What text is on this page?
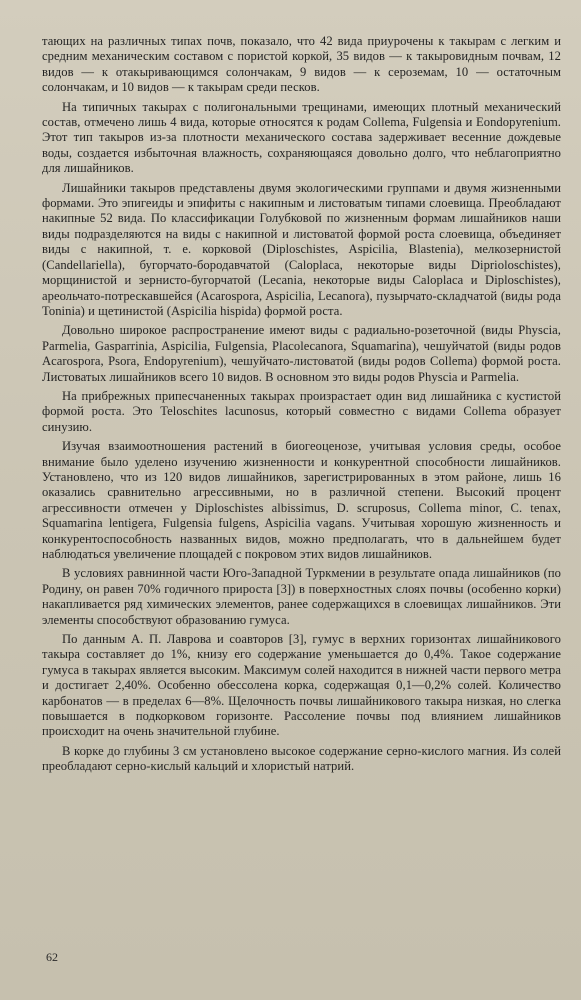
тающих на различных типах почв, показало, что 42 вида приурочены к такырам с легким и средним механическим составом с пористой коркой, 35 видов — к такыровидным почвам, 12 видов — к отакыривающимся солончакам, 9 видов — к сероземам, 10 — остаточным солончакам, и 10 видов — к такырам среди песков.

На типичных такырах с полигональными трещинами, имеющих плотный механический состав, отмечено лишь 4 вида, которые относятся к родам Collema, Fulgensia и Eondopyrenium. Этот тип такыров из-за плотности механического состава задерживает весенние дождевые воды, создается избыточная влажность, сохраняющаяся довольно долго, что неблагоприятно для лишайников.

Лишайники такыров представлены двумя экологическими группами и двумя жизненными формами. Это эпигеиды и эпифиты с накипным и листоватым типами слоевища. Преобладают накипные 52 вида. По классификации Голубковой по жизненным формам лишайников наши виды подразделяются на виды с накипной и листоватой формой роста слоевища, объединяет виды с накипной, т. е. корковой (Diploschistes, Aspicilia, Blastenia), мелкозернистой (Candellariella), бугорчато-бородавчатой (Caloplaca, некоторые виды Diprioloschistes), морщинистой и зернисто-бугорчатой (Lecania, некоторые виды Caloplaca и Diploschistes), ареольчато-потрескавшейся (Acarospora, Aspicilia, Lecanora), пузырчато-складчатой (виды рода Toninia) и щетинистой (Aspicilia hispida) формой роста.

Довольно широкое распространение имеют виды с радиально-розеточной (виды Physcia, Parmelia, Gasparrinia, Aspicilia, Fulgensia, Placolecanora, Squamarina), чешуйчатой (виды родов Acarospora, Psora, Endopyrenium), чешуйчато-листоватой (виды родов Collema) формой роста. Листоватых лишайников всего 10 видов. В основном это виды родов Physcia и Parmelia.

На прибрежных припесчаненных такырах произрастает один вид лишайника с кустистой формой роста. Это Teloschites lacunosus, который совместно с видами Collema образует синузию.

Изучая взаимоотношения растений в биогеоценозе, учитывая условия среды, особое внимание было уделено изучению жизненности и конкурентной способности лишайников. Установлено, что из 120 видов лишайников, зарегистрированных в этом районе, лишь 16 оказались сравнительно агрессивными, но в различной степени. Высокий процент агрессивности отмечен у Diploschistes albissimus, D. scruposus, Collema minor, C. tenax, Squamarina lentigera, Fulgensia fulgens, Aspicilia vagans. Учитывая хорошую жизненность и конкурентоспособность названных видов, можно предполагать, что в дальнейшем будет наблюдаться увеличение площадей с покровом этих видов лишайников.

В условиях равнинной части Юго-Западной Туркмении в результате опада лишайников (по Родину, он равен 70% годичного прироста [3]) в поверхностных слоях почвы (особенно корки) накапливается ряд химических элементов, ранее содержащихся в слоевищах лишайников. Эти элементы способствуют образованию гумуса.

По данным А. П. Лаврова и соавторов [3], гумус в верхних горизонтах лишайникового такыра составляет до 1%, книзу его содержание уменьшается до 0,4%. Такое содержание гумуса в такырах является высоким. Максимум солей находится в нижней части первого метра и достигает 2,40%. Особенно обессолена корка, содержащая 0,1—0,2% солей. Количество карбонатов — в пределах 6—8%. Щелочность почвы лишайникового такыра низкая, но слегка повышается в подкорковом горизонте. Рассоление почвы под влиянием лишайников происходит на очень значительной глубине.

В корке до глубины 3 см установлено высокое содержание серно-кислого магния. Из солей преобладают серно-кислый кальций и хлористый натрий.

62
